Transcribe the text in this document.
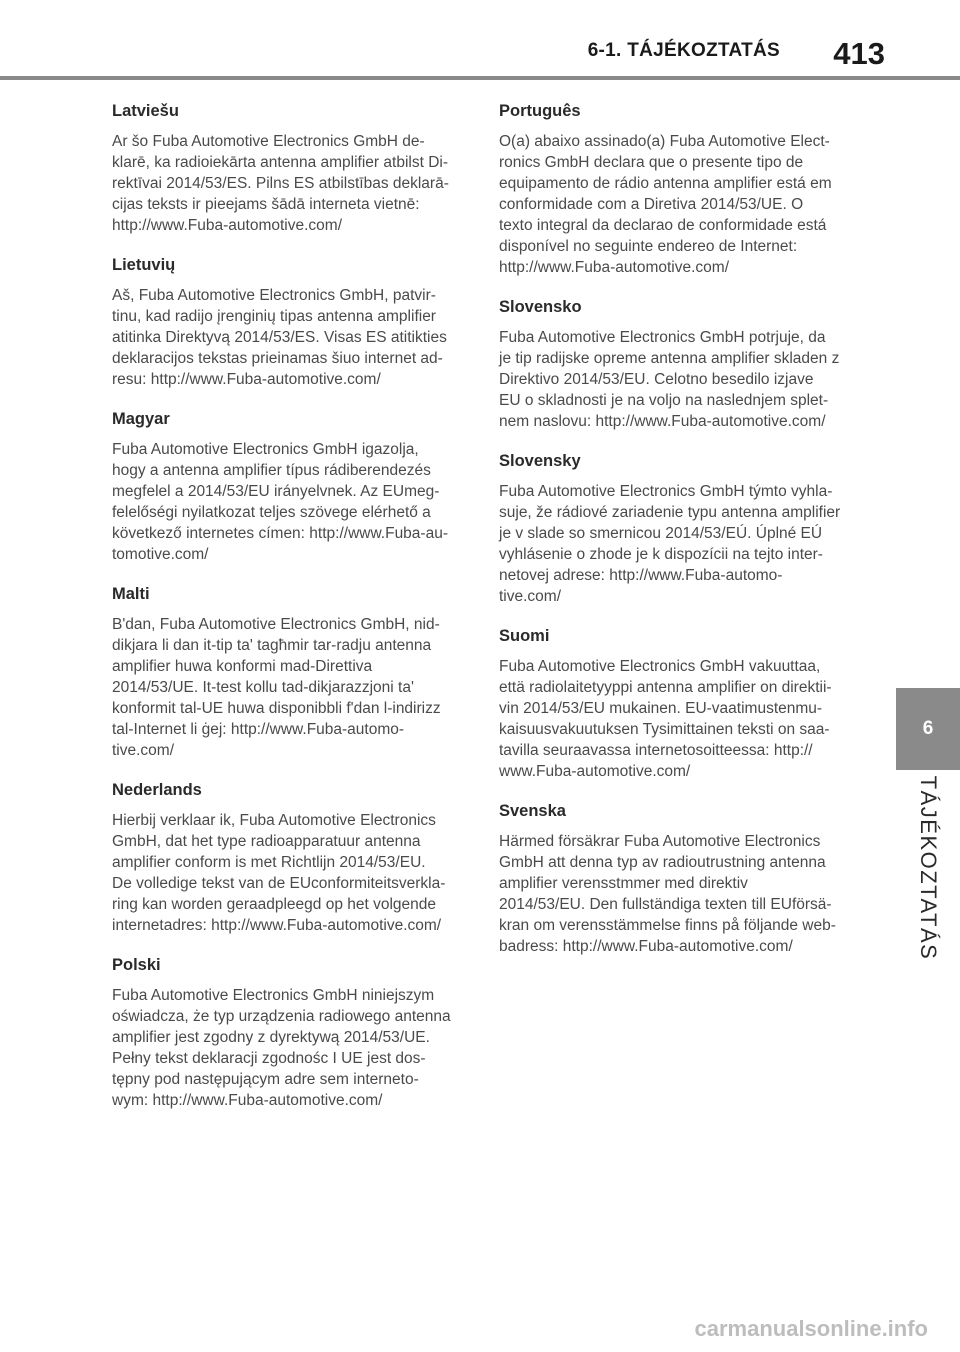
6-1. TÁJÉKOZTATÁS 413
Latviešu

Ar šo Fuba Automotive Electronics GmbH de-
klarē, ka radioiekārta antenna amplifier atbilst Di-
rektīvai 2014/53/ES. Pilns ES atbilstības deklarā-
cijas teksts ir pieejams šādā interneta vietnē:
http://www.Fuba-automotive.com/

Lietuvių

Aš, Fuba Automotive Electronics GmbH, patvir-
tinu, kad radijo įrenginių tipas antenna amplifier
atitinka Direktyvą 2014/53/ES. Visas ES atitikties
deklaracijos tekstas prieinamas šiuo internet ad-
resu: http://www.Fuba-automotive.com/

Magyar

Fuba Automotive Electronics GmbH igazolja,
hogy a antenna amplifier típus rádiberendezés
megfelel a 2014/53/EU irányelvnek. Az EUmeg-
felelőségi nyilatkozat teljes szövege elérhető a
következő internetes címen: http://www.Fuba-au-
tomotive.com/

Malti

B'dan, Fuba Automotive Electronics GmbH, nid-
dikjara li dan it-tip ta' tagħmir tar-radju antenna
amplifier huwa konformi mad-Direttiva
2014/53/UE. It-test kollu tad-dikjarazzjoni ta'
konformit tal-UE huwa disponibbli f'dan l-indirizz
tal-Internet li ġej: http://www.Fuba-automo-
tive.com/

Nederlands

Hierbij verklaar ik, Fuba Automotive Electronics
GmbH, dat het type radioapparatuur antenna
amplifier conform is met Richtlijn 2014/53/EU.
De volledige tekst van de EUconformiteitsverkla-
ring kan worden geraadpleegd op het volgende
internetadres: http://www.Fuba-automotive.com/

Polski

Fuba Automotive Electronics GmbH niniejszym
oświadcza, że typ urządzenia radiowego antenna
amplifier jest zgodny z dyrektywą 2014/53/UE.
Pełny tekst deklaracji zgodnośc I UE jest dos-
tępny pod następującym adre sem interneto-
wym: http://www.Fuba-automotive.com/

Português

O(a) abaixo assinado(a) Fuba Automotive Elect-
ronics GmbH declara que o presente tipo de
equipamento de rádio antenna amplifier está em
conformidade com a Diretiva 2014/53/UE. O
texto integral da declarao de conformidade está
disponível no seguinte endereo de Internet:
http://www.Fuba-automotive.com/

Slovensko

Fuba Automotive Electronics GmbH potrjuje, da
je tip radijske opreme antenna amplifier skladen z
Direktivo 2014/53/EU. Celotno besedilo izjave
EU o skladnosti je na voljo na naslednjem splet-
nem naslovu: http://www.Fuba-automotive.com/

Slovensky

Fuba Automotive Electronics GmbH týmto vyhla-
suje, že rádiové zariadenie typu antenna amplifier
je v slade so smernicou 2014/53/EÚ. Úplné EÚ
vyhlásenie o zhode je k dispozícii na tejto inter-
netovej adrese: http://www.Fuba-automo-
tive.com/

Suomi

Fuba Automotive Electronics GmbH vakuuttaa,
että radiolaitetyyppi antenna amplifier on direktii-
vin 2014/53/EU mukainen. EU-vaatimustenmu-
kaisuusvakuutuksen Tysimittainen teksti on saa-
tavilla seuraavassa internetosoitteessa: http://
www.Fuba-automotive.com/

Svenska

Härmed försäkrar Fuba Automotive Electronics
GmbH att denna typ av radioutrustning antenna
amplifier verensstmmer med direktiv
2014/53/EU. Den fullständiga texten till EUförsä-
kran om verensstämmelse finns på följande web-
badress: http://www.Fuba-automotive.com/

6
TÁJÉKOZTATÁS
carmanualsonline.info
